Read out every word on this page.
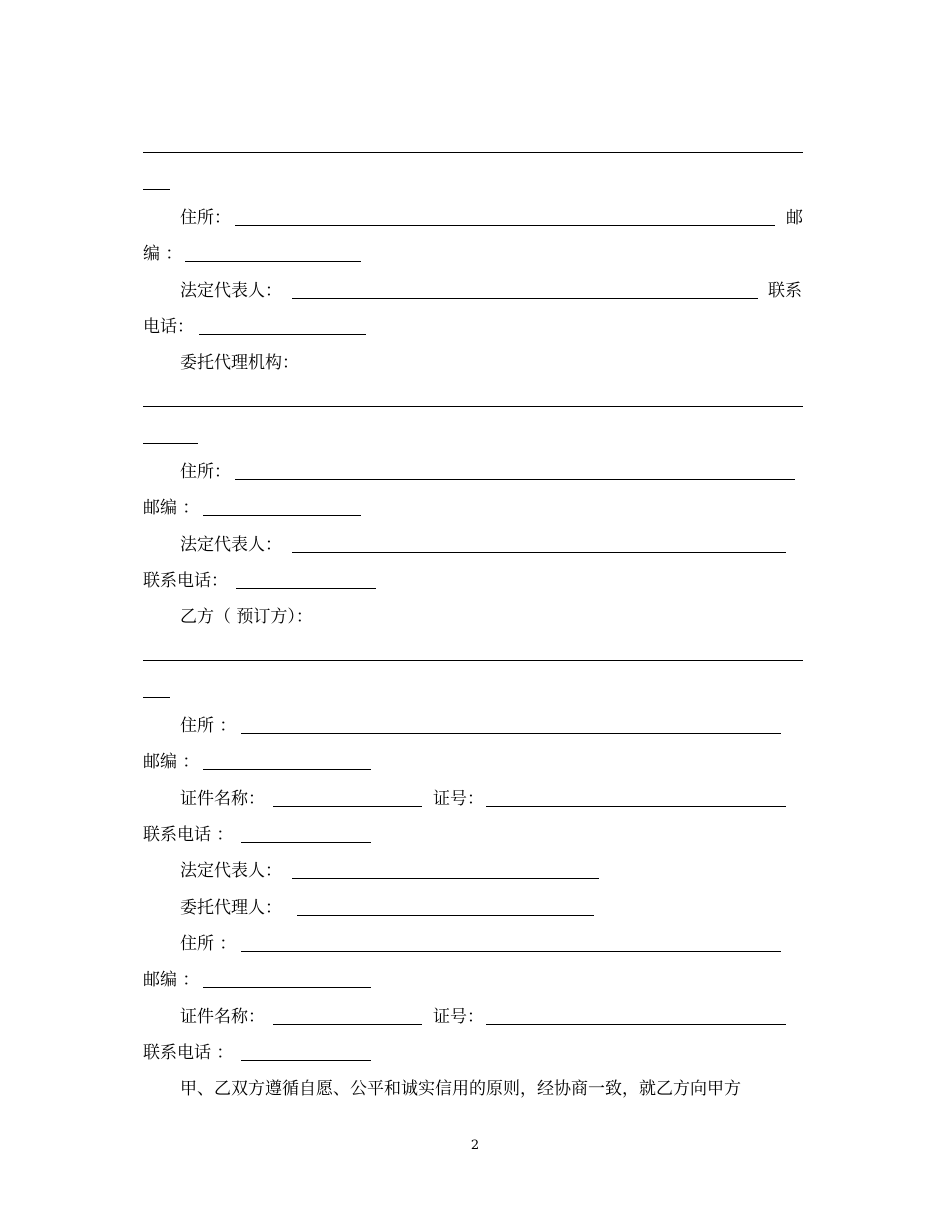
住所：	邮
编 ：
法定代表人：	联系
电话：
委托代理机构：
住所：
邮编 ：
法定代表人：
联系电话：
乙方（ 预订方）：
住所 ：
邮编 ：
证件名称：	证号：
联系电话 ：
法定代表人：
委托代理人：
住所 ：
邮编 ：
证件名称：	证号：
联系电话 ：
甲、乙双方遵循自愿、公平和诚实信用的原则，经协商一致，就乙方向甲方
2
